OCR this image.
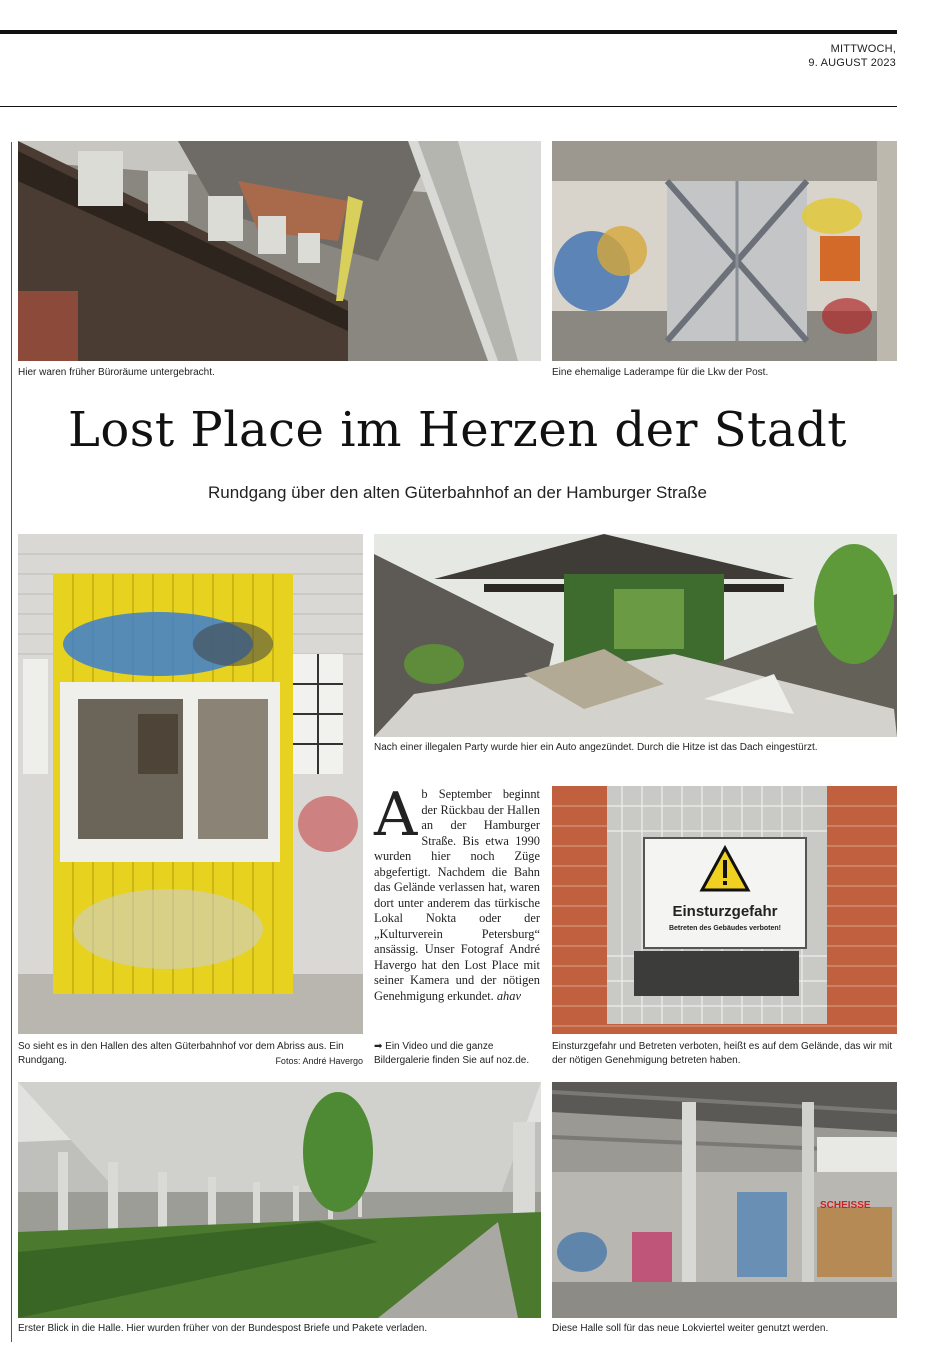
MITTWOCH,
9. AUGUST 2023
Hier waren früher Büroräume untergebracht.	Eine ehemalige Laderampe für die Lkw der Post.
Lost Place im Herzen der Stadt
Rundgang über den alten Güterbahnhof an der Hamburger Straße
So sieht es in den Hallen des alten Güterbahnhof vor dem Abriss aus. Ein Rundgang.	Fotos: André Havergo
Nach einer illegalen Party wurde hier ein Auto angezündet. Durch die Hitze ist das Dach eingestürzt.
Ab September beginnt der Rückbau der Hallen an der Hamburger Straße. Bis etwa 1990 wurden hier noch Züge abgefertigt. Nachdem die Bahn das Gelände verlassen hat, waren dort unter anderem das türkische Lokal Nokta oder der „Kulturverein Petersburg“ ansässig. Unser Fotograf André Havergo hat den Lost Place mit seiner Kamera und der nötigen Genehmigung erkundet. ahav
➡ Ein Video und die ganze Bildergalerie finden Sie auf noz.de.
Einsturzgefahr
Betreten des Gebäudes verboten!
Einsturzgefahr und Betreten verboten, heißt es auf dem Gelände, das wir mit der nötigen Genehmigung betreten haben.
Erster Blick in die Halle. Hier wurden früher von der Bundespost Briefe und Pakete verladen.
SCHEISSE
Diese Halle soll für das neue Lokviertel weiter genutzt werden.
